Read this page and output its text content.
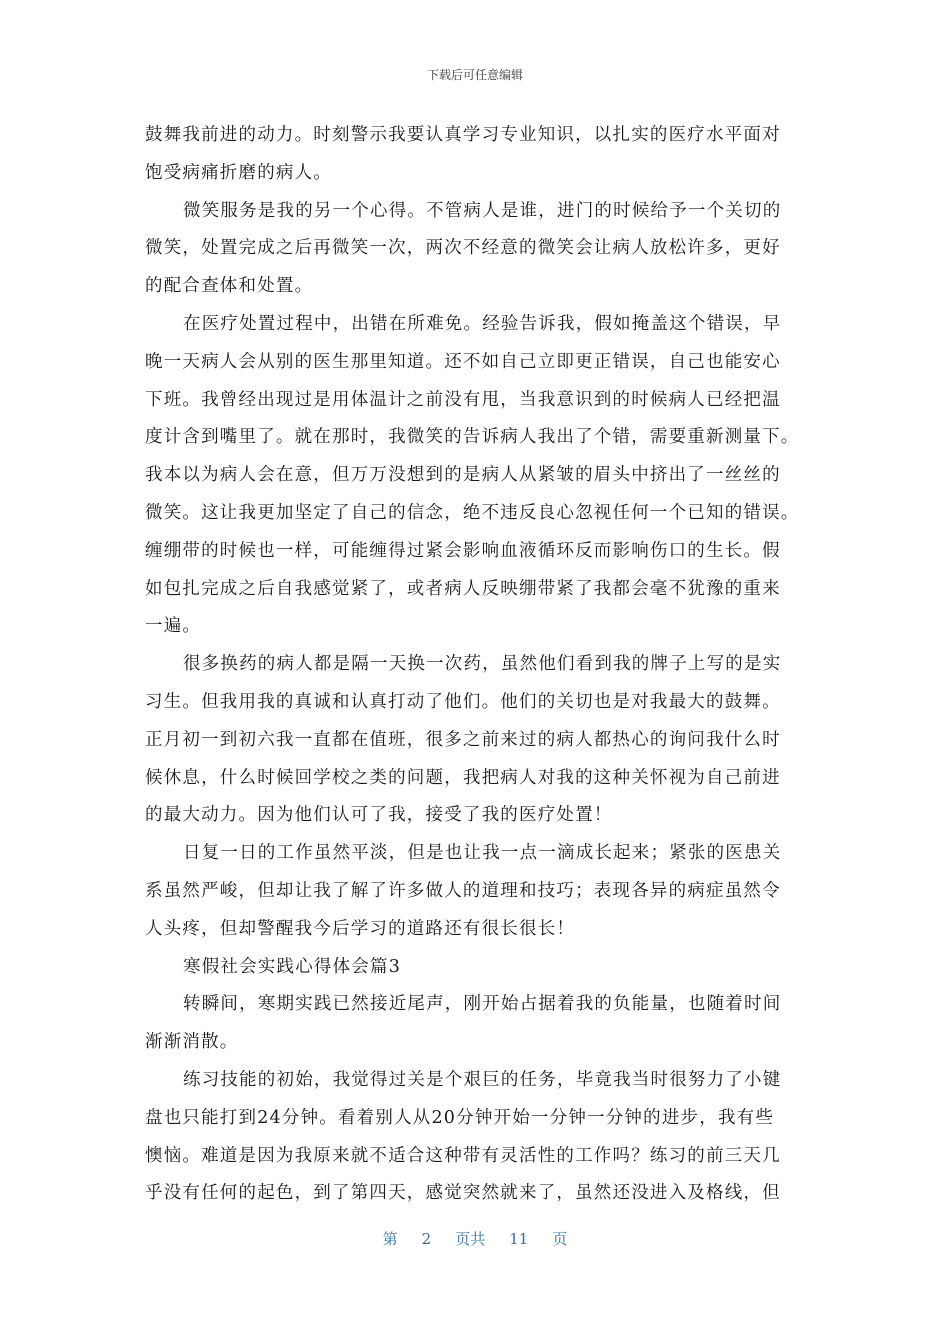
下载后可任意编辑
鼓舞我前进的动力。时刻警示我要认真学习专业知识，以扎实的医疗水平面对
饱受病痛折磨的病人。
微笑服务是我的另一个心得。不管病人是谁，进门的时候给予一个关切的
微笑，处置完成之后再微笑一次，两次不经意的微笑会让病人放松许多，更好
的配合查体和处置。
在医疗处置过程中，出错在所难免。经验告诉我，假如掩盖这个错误，早
晚一天病人会从别的医生那里知道。还不如自己立即更正错误，自己也能安心
下班。我曾经出现过是用体温计之前没有甩，当我意识到的时候病人已经把温
度计含到嘴里了。就在那时，我微笑的告诉病人我出了个错，需要重新测量下。
我本以为病人会在意，但万万没想到的是病人从紧皱的眉头中挤出了一丝丝的
微笑。这让我更加坚定了自己的信念，绝不违反良心忽视任何一个已知的错误。
缠绷带的时候也一样，可能缠得过紧会影响血液循环反而影响伤口的生长。假
如包扎完成之后自我感觉紧了，或者病人反映绷带紧了我都会毫不犹豫的重来
一遍。
很多换药的病人都是隔一天换一次药，虽然他们看到我的牌子上写的是实
习生。但我用我的真诚和认真打动了他们。他们的关切也是对我最大的鼓舞。
正月初一到初六我一直都在值班，很多之前来过的病人都热心的询问我什么时
候休息，什么时候回学校之类的问题，我把病人对我的这种关怀视为自己前进
的最大动力。因为他们认可了我，接受了我的医疗处置！
日复一日的工作虽然平淡，但是也让我一点一滴成长起来；紧张的医患关
系虽然严峻，但却让我了解了许多做人的道理和技巧；表现各异的病症虽然令
人头疼，但却警醒我今后学习的道路还有很长很长！
寒假社会实践心得体会篇3
转瞬间，寒期实践已然接近尾声，刚开始占据着我的负能量，也随着时间
渐渐消散。
练习技能的初始，我觉得过关是个艰巨的任务，毕竟我当时很努力了小键
盘也只能打到24分钟。看着别人从20分钟开始一分钟一分钟的进步，我有些
懊恼。难道是因为我原来就不适合这种带有灵活性的工作吗？练习的前三天几
乎没有任何的起色，到了第四天，感觉突然就来了，虽然还没进入及格线，但
第 2 页共 11 页
